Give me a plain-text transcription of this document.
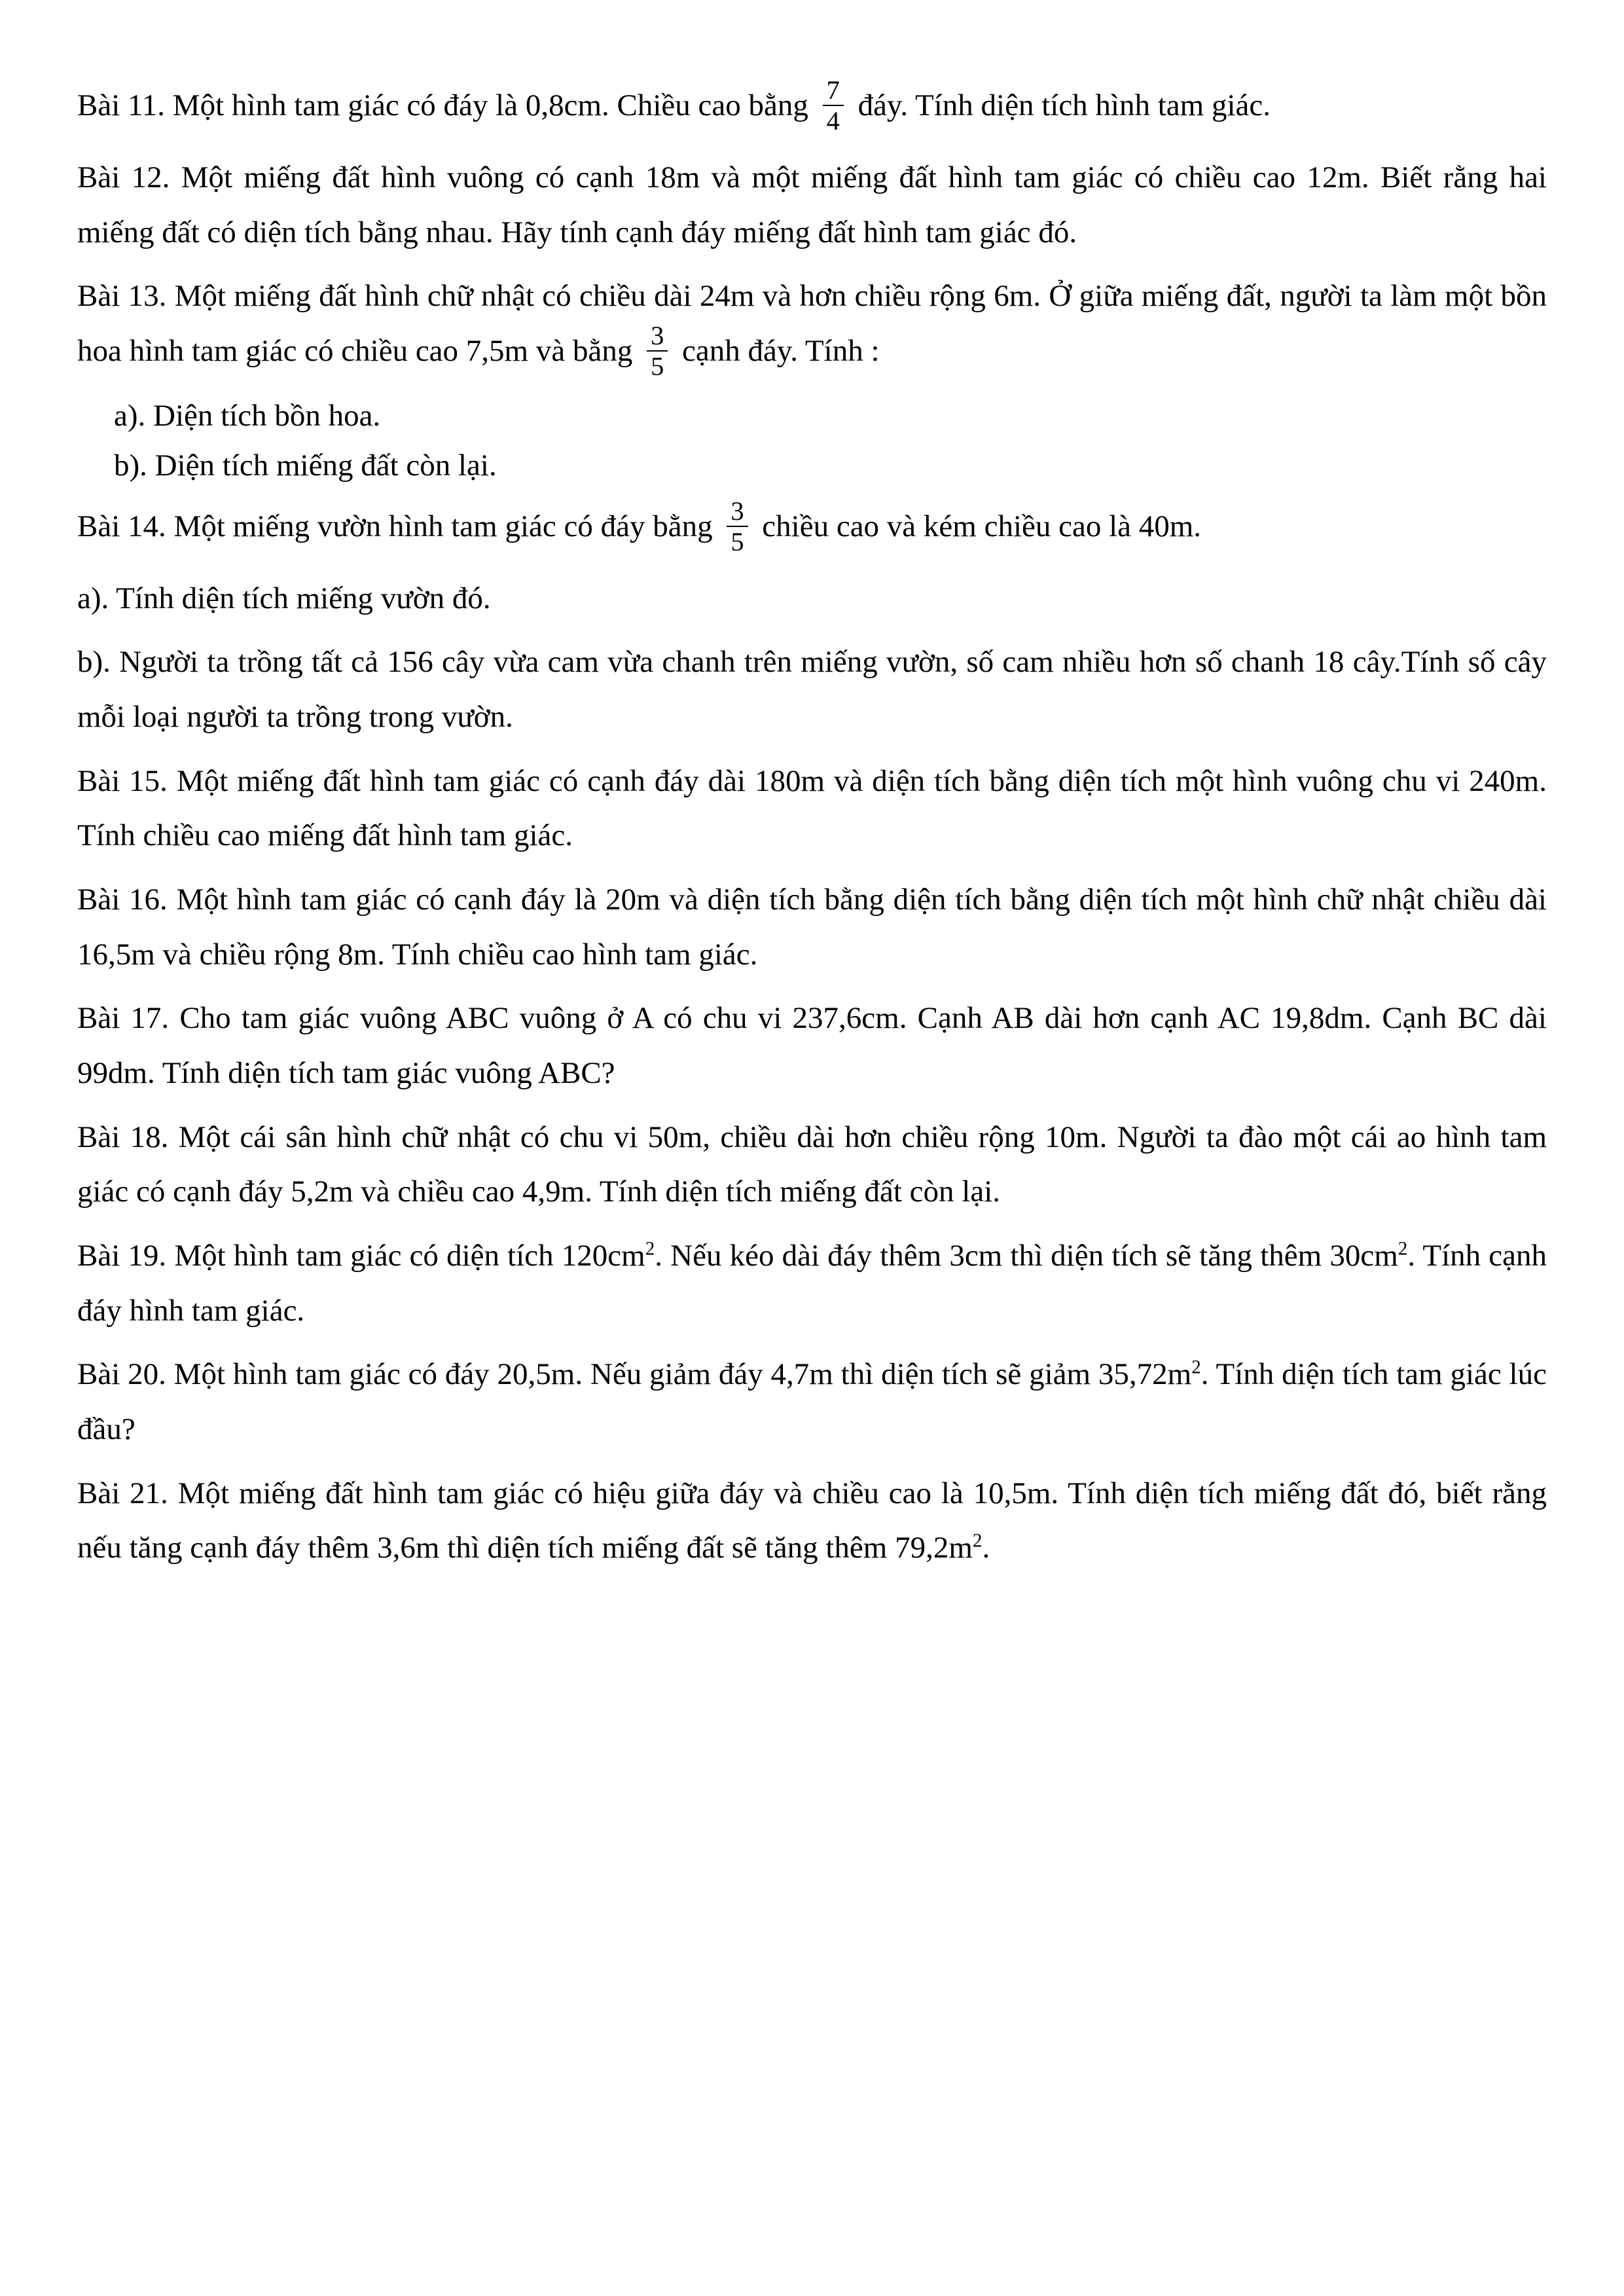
Bài 11. Một hình tam giác có đáy là 0,8cm. Chiều cao bằng $\frac{7}{4}$ đáy. Tính diện tích hình tam giác.

Bài 12. Một miếng đất hình vuông có cạnh 18m và một miếng đất hình tam giác có chiều cao 12m. Biết rằng hai miếng đất có diện tích bằng nhau. Hãy tính cạnh đáy miếng đất hình tam giác đó.

Bài 13. Một miếng đất hình chữ nhật có chiều dài 24m và hơn chiều rộng 6m. Ở giữa miếng đất, người ta làm một bồn hoa hình tam giác có chiều cao 7,5m và bằng $\frac{3}{5}$ cạnh đáy. Tính :

a). Diện tích bồn hoa.

b). Diện tích miếng đất còn lại.

Bài 14. Một miếng vườn hình tam giác có đáy bằng $\frac{3}{5}$ chiều cao và kém chiều cao là 40m.

a). Tính diện tích miếng vườn đó.

b). Người ta trồng tất cả 156 cây vừa cam vừa chanh trên miếng vườn, số cam nhiều hơn số chanh 18 cây.Tính số cây mỗi loại người ta trồng trong vườn.

Bài 15. Một miếng đất hình tam giác có cạnh đáy dài 180m và diện tích bằng diện tích một hình vuông chu vi 240m. Tính chiều cao miếng đất hình tam giác.

Bài 16. Một hình tam giác có cạnh đáy là 20m và diện tích bằng diện tích bằng diện tích một hình chữ nhật chiều dài 16,5m và chiều rộng 8m. Tính chiều cao hình tam giác.

Bài 17. Cho tam giác vuông ABC vuông ở A có chu vi 237,6cm. Cạnh AB dài hơn cạnh AC 19,8dm. Cạnh BC dài 99dm. Tính diện tích tam giác vuông ABC?

Bài 18. Một cái sân hình chữ nhật có chu vi 50m, chiều dài hơn chiều rộng 10m. Người ta đào một cái ao hình tam giác có cạnh đáy 5,2m và chiều cao 4,9m. Tính diện tích miếng đất còn lại.

Bài 19. Một hình tam giác có diện tích $120cm^2$. Nếu kéo dài đáy thêm 3cm thì diện tích sẽ tăng thêm $30cm^2$. Tính cạnh đáy hình tam giác.

Bài 20. Một hình tam giác có đáy 20,5m. Nếu giảm đáy 4,7m thì diện tích sẽ giảm $35,72m^2$. Tính diện tích tam giác lúc đầu?

Bài 21. Một miếng đất hình tam giác có hiệu giữa đáy và chiều cao là 10,5m. Tính diện tích miếng đất đó, biết rằng nếu tăng cạnh đáy thêm 3,6m thì diện tích miếng đất sẽ tăng thêm $79,2m^2$.
